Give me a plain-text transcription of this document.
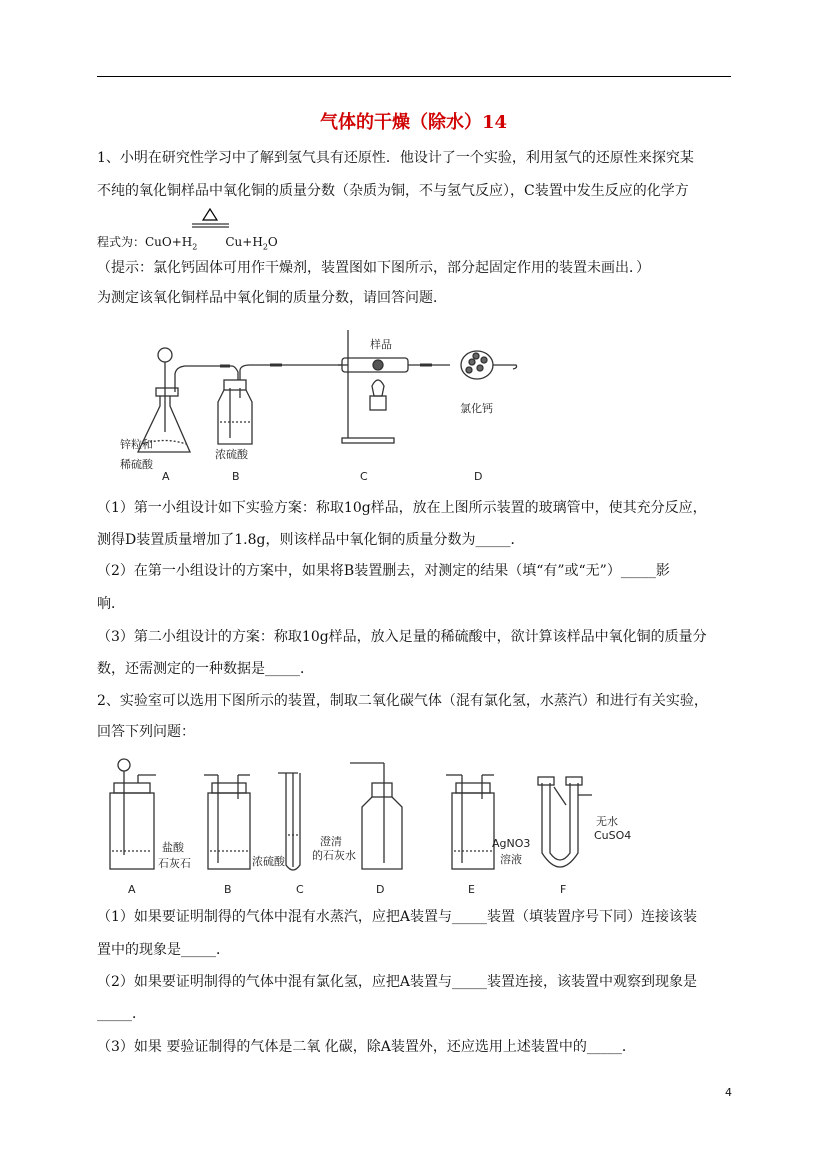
气体的干燥（除水）14
1、小明在研究性学习中了解到氢气具有还原性．他设计了一个实验，利用氢气的还原性来探究某
不纯的氧化铜样品中氧化铜的质量分数（杂质为铜，不与氢气反应），C装置中发生反应的化学方
程式为：$CuO+H_2$ $Cu+H_2O$
（提示：氯化钙固体可用作干燥剂，装置图如下图所示，部分起固定作用的装置未画出．）
为测定该氧化铜样品中氧化铜的质量分数，请回答问题．
样品
氯化钙
锌粒和
稀硫酸
浓硫酸
A	B	C	D
（1）第一小组设计如下实验方案：称取10g样品，放在上图所示装置的玻璃管中，使其充分反应，
测得D装置质量增加了1.8g，则该样品中氧化铜的质量分数为_____．
（2）在第一小组设计的方案中，如果将B装置删去，对测定的结果（填“有”或“无”）_____影
响．
（3）第二小组设计的方案：称取10g样品，放入足量的稀硫酸中，欲计算该样品中氧化铜的质量分
数，还需测定的一种数据是_____．
2、实验室可以选用下图所示的装置，制取二氧化碳气体（混有氯化氢，水蒸汽）和进行有关实验，
回答下列问题：
盐酸
石灰石	浓硫酸
澄清
的石灰水
AgNO3
溶液
无水
CuSO4
A	B	C	D	E	F
（1）如果要证明制得的气体中混有水蒸汽，应把A装置与_____装置（填装置序号下同）连接该装
置中的现象是_____．
（2）如果要证明制得的气体中混有氯化氢，应把A装置与_____装置连接，该装置中观察到现象是
_____．
（3）如果 要验证制得的气体是二氧 化碳，除A装置外，还应选用上述装置中的_____．
4
